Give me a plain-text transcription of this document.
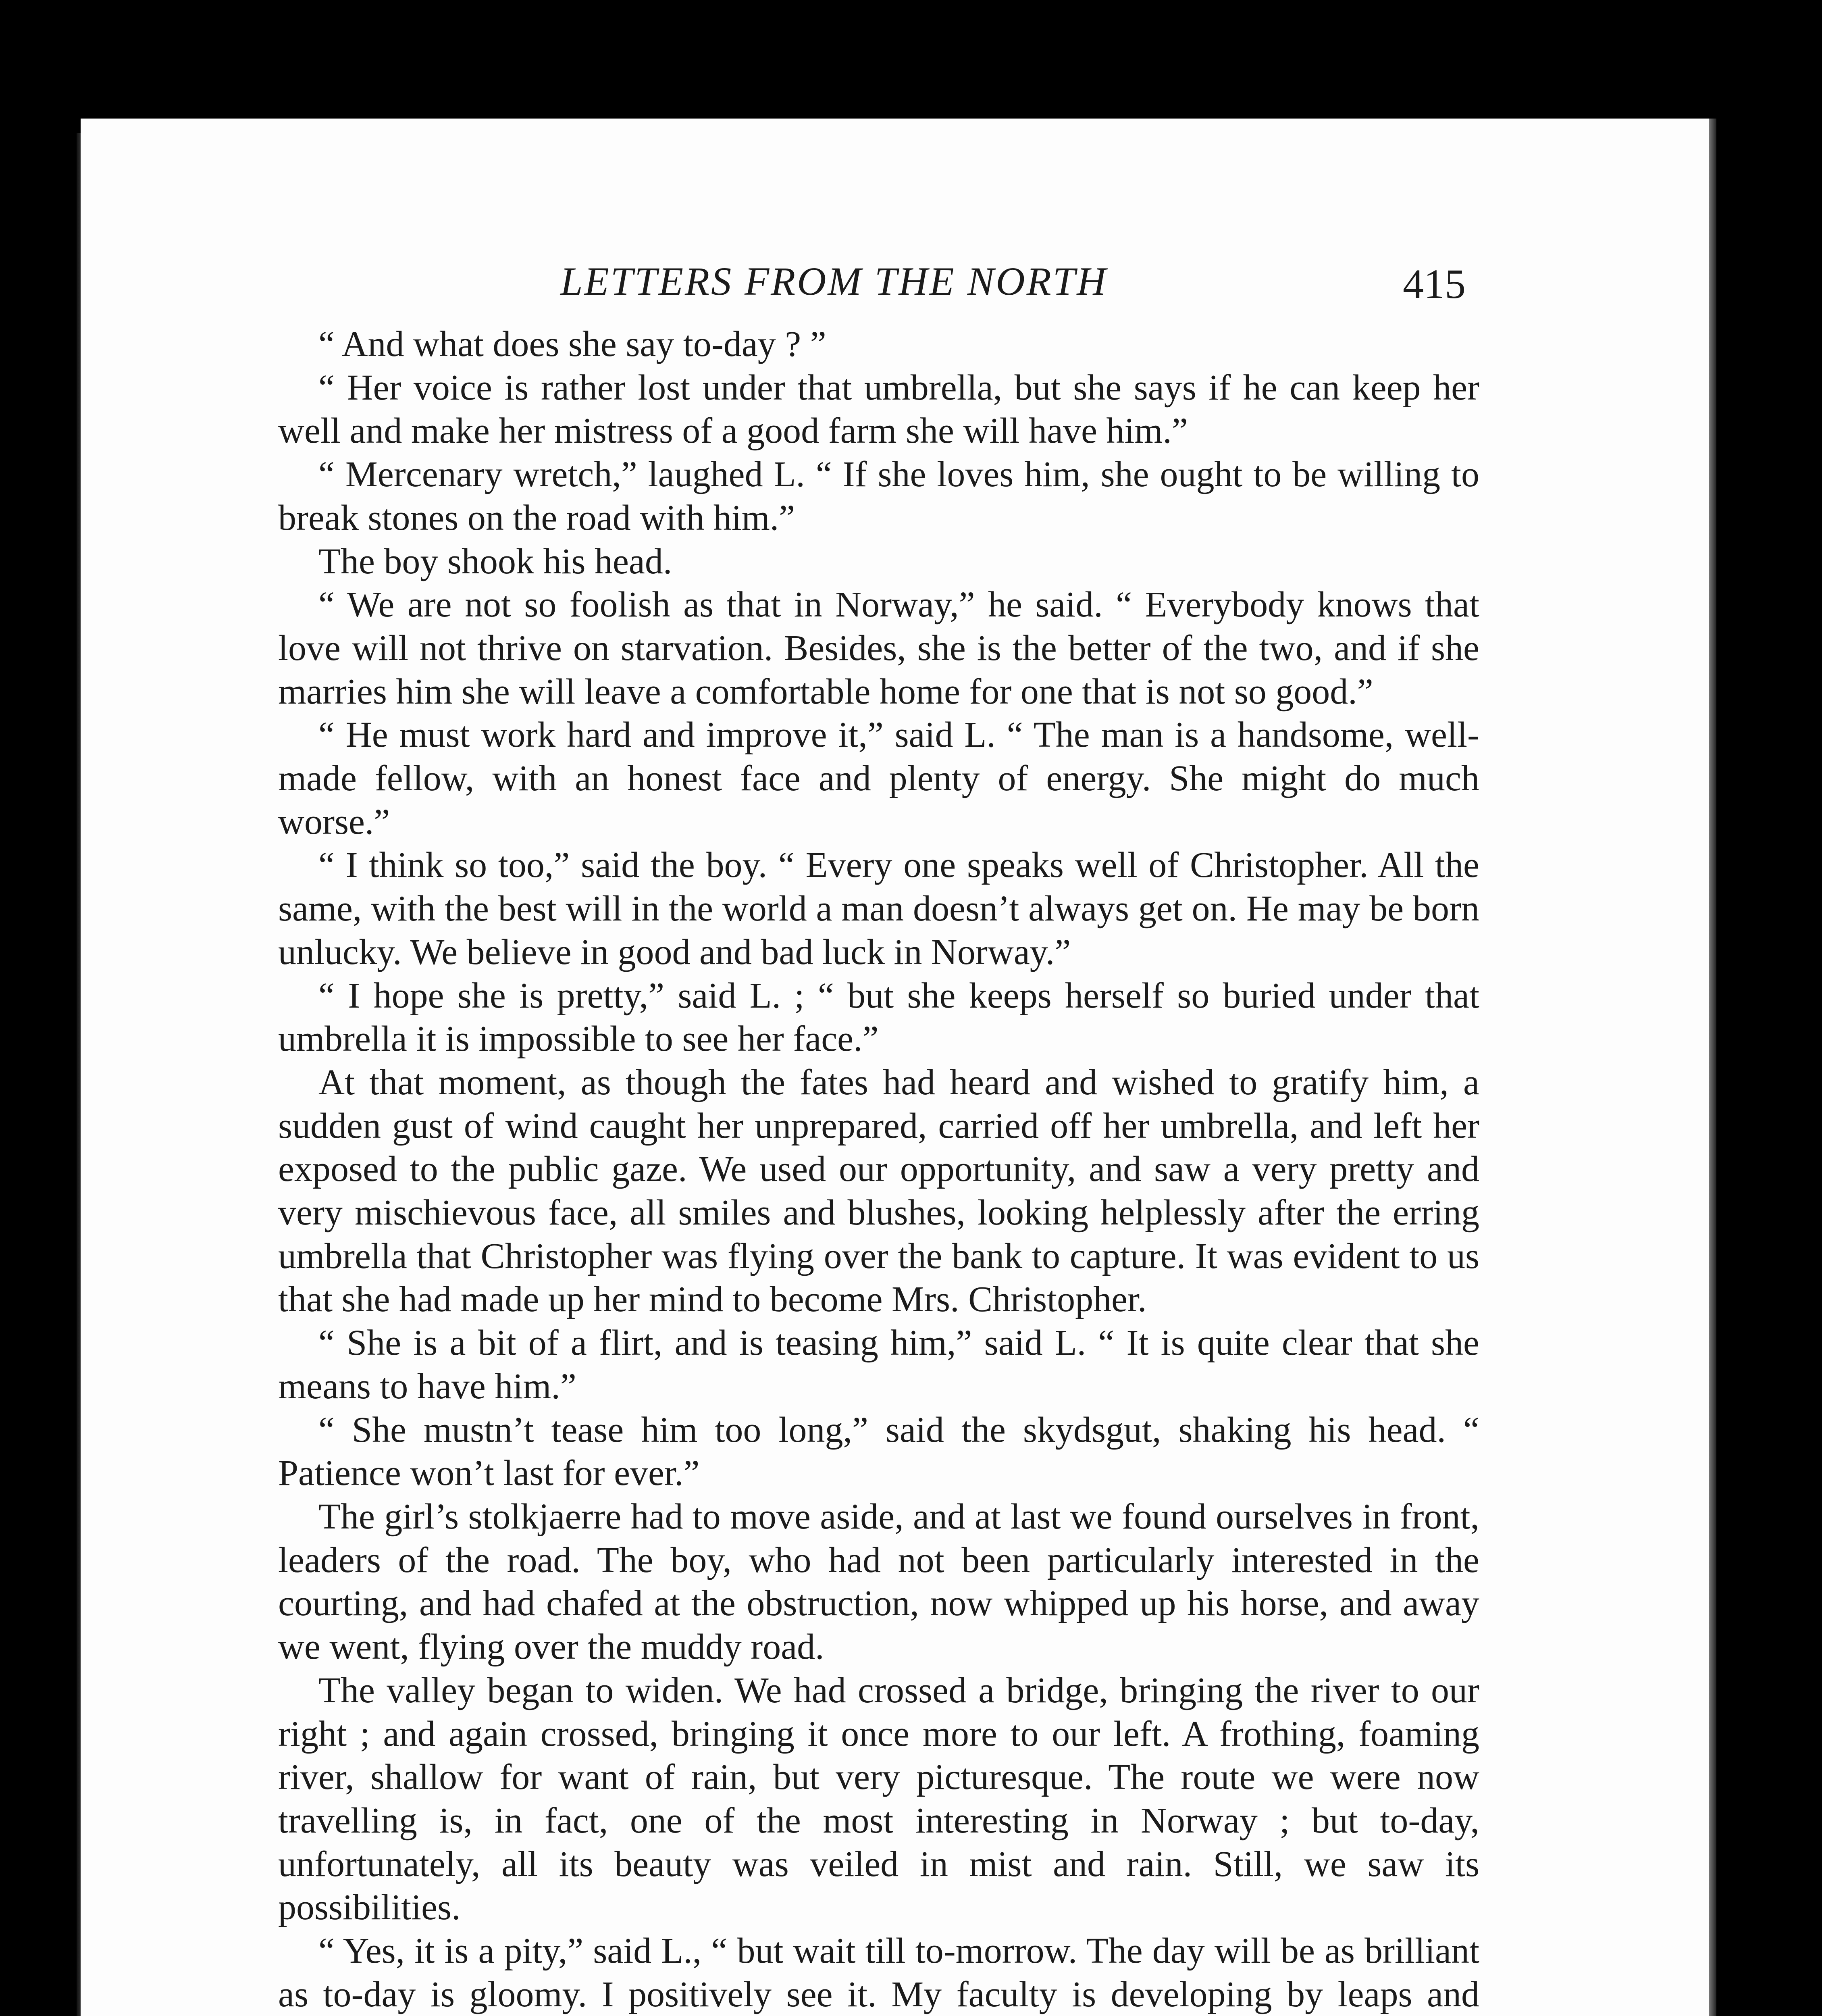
LETTERS FROM THE NORTH	415

“ And what does she say to-day ? ”

“ Her voice is rather lost under that umbrella, but she says if he can keep her well and make her mistress of a good farm she will have him.”

“ Mercenary wretch,” laughed L. “ If she loves him, she ought to be willing to break stones on the road with him.”

The boy shook his head.

“ We are not so foolish as that in Norway,” he said. “ Everybody knows that love will not thrive on starvation. Besides, she is the better of the two, and if she marries him she will leave a comfortable home for one that is not so good.”

“ He must work hard and improve it,” said L. “ The man is a handsome, well-made fellow, with an honest face and plenty of energy. She might do much worse.”

“ I think so too,” said the boy. “ Every one speaks well of Christopher. All the same, with the best will in the world a man doesn’t always get on. He may be born unlucky. We believe in good and bad luck in Norway.”

“ I hope she is pretty,” said L. ; “ but she keeps herself so buried under that umbrella it is impossible to see her face.”

At that moment, as though the fates had heard and wished to gratify him, a sudden gust of wind caught her unprepared, carried off her umbrella, and left her exposed to the public gaze. We used our opportunity, and saw a very pretty and very mischievous face, all smiles and blushes, looking helplessly after the erring umbrella that Christopher was flying over the bank to capture. It was evident to us that she had made up her mind to become Mrs. Christopher.

“ She is a bit of a flirt, and is teasing him,” said L. “ It is quite clear that she means to have him.”

“ She mustn’t tease him too long,” said the skydsgut, shaking his head. “ Patience won’t last for ever.”

The girl’s stolkjaerre had to move aside, and at last we found ourselves in front, leaders of the road. The boy, who had not been particularly interested in the courting, and had chafed at the obstruction, now whipped up his horse, and away we went, flying over the muddy road.

The valley began to widen. We had crossed a bridge, bringing the river to our right ; and again crossed, bringing it once more to our left. A frothing, foaming river, shallow for want of rain, but very picturesque. The route we were now travelling is, in fact, one of the most interesting in Norway ; but to-day, unfortunately, all its beauty was veiled in mist and rain. Still, we saw its possibilities.

“ Yes, it is a pity,” said L., “ but wait till to-morrow. The day will be as brilliant as to-day is gloomy. I positively see it. My faculty is developing by leaps and
